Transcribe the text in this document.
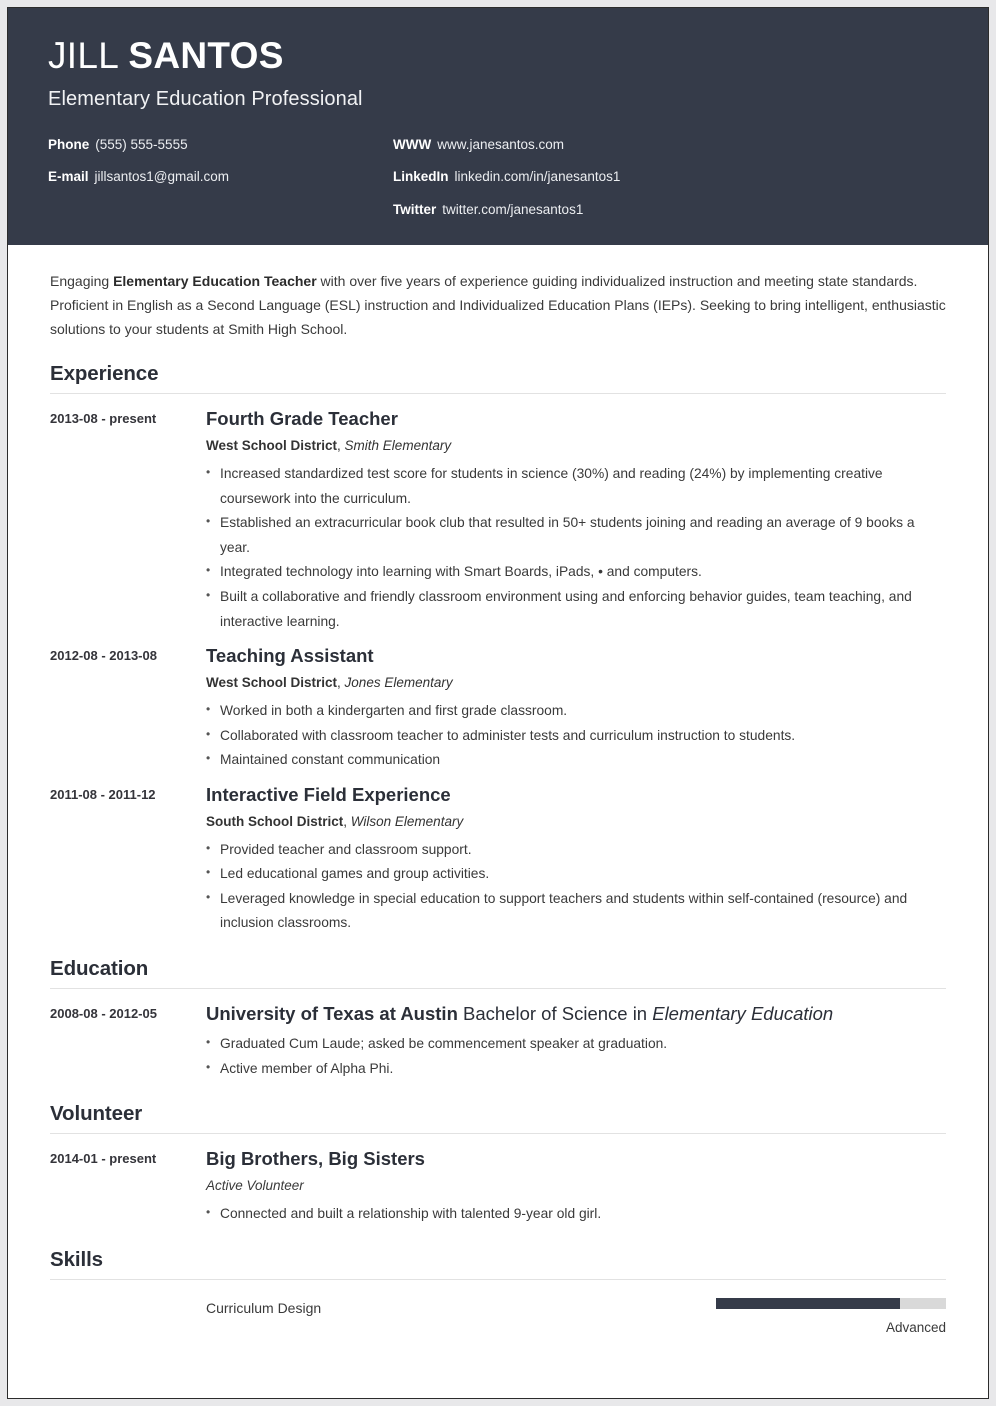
JILL SANTOS
Elementary Education Professional
Phone (555) 555-5555
E-mail jillsantos1@gmail.com
WWW www.janesantos.com
LinkedIn linkedin.com/in/janesantos1
Twitter twitter.com/janesantos1

Engaging Elementary Education Teacher with over five years of experience guiding individualized instruction and meeting state standards. Proficient in English as a Second Language (ESL) instruction and Individualized Education Plans (IEPs). Seeking to bring intelligent, enthusiastic solutions to your students at Smith High School.

Experience
2013-08 - present	Fourth Grade Teacher
West School District, Smith Elementary
• Increased standardized test score for students in science (30%) and reading (24%) by implementing creative coursework into the curriculum.
• Established an extracurricular book club that resulted in 50+ students joining and reading an average of 9 books a year.
• Integrated technology into learning with Smart Boards, iPads, • and computers.
• Built a collaborative and friendly classroom environment using and enforcing behavior guides, team teaching, and interactive learning.
2012-08 - 2013-08	Teaching Assistant
West School District, Jones Elementary
• Worked in both a kindergarten and first grade classroom.
• Collaborated with classroom teacher to administer tests and curriculum instruction to students.
• Maintained constant communication
2011-08 - 2011-12	Interactive Field Experience
South School District, Wilson Elementary
• Provided teacher and classroom support.
• Led educational games and group activities.
• Leveraged knowledge in special education to support teachers and students within self-contained (resource) and inclusion classrooms.
Education
2008-08 - 2012-05	University of Texas at Austin Bachelor of Science in Elementary Education
• Graduated Cum Laude; asked be commencement speaker at graduation.
• Active member of Alpha Phi.
Volunteer
2014-01 - present	Big Brothers, Big Sisters
Active Volunteer
• Connected and built a relationship with talented 9-year old girl.
Skills
Curriculum Design
Advanced
